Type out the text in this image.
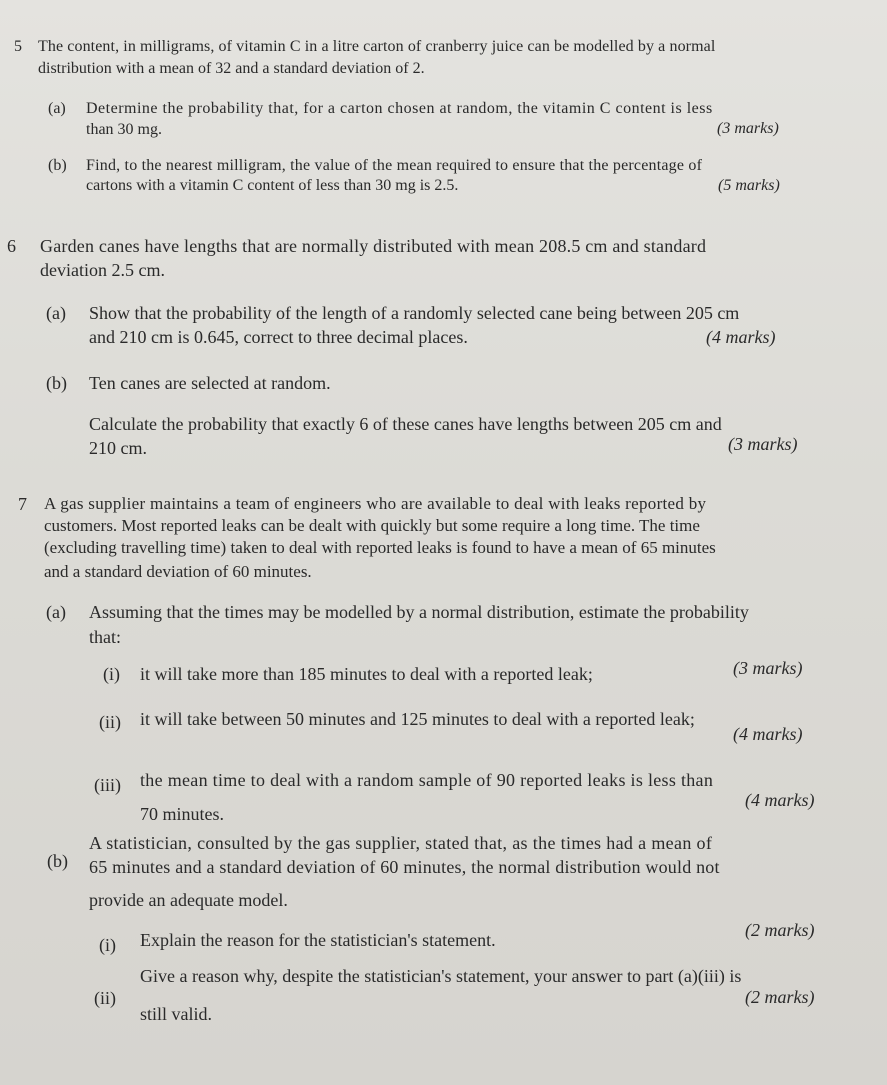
5 The content, in milligrams, of vitamin C in a litre carton of cranberry juice can be modelled by a normal
distribution with a mean of 32 and a standard deviation of 2.
(a) Determine the probability that, for a carton chosen at random, the vitamin C content is less
than 30 mg.	(3 marks)
(b) Find, to the nearest milligram, the value of the mean required to ensure that the percentage of
cartons with a vitamin C content of less than 30 mg is 2.5.	(5 marks)
6 Garden canes have lengths that are normally distributed with mean 208.5 cm and standard
deviation 2.5 cm.
(a) Show that the probability of the length of a randomly selected cane being between 205 cm
and 210 cm is 0.645, correct to three decimal places.	(4 marks)
(b) Ten canes are selected at random.
Calculate the probability that exactly 6 of these canes have lengths between 205 cm and
210 cm.	(3 marks)
7 A gas supplier maintains a team of engineers who are available to deal with leaks reported by
customers. Most reported leaks can be dealt with quickly but some require a long time. The time
(excluding travelling time) taken to deal with reported leaks is found to have a mean of 65 minutes
and a standard deviation of 60 minutes.
(a) Assuming that the times may be modelled by a normal distribution, estimate the probability
that:
(i) it will take more than 185 minutes to deal with a reported leak;	(3 marks)
(ii) it will take between 50 minutes and 125 minutes to deal with a reported leak;
(4 marks)
(iii) the mean time to deal with a random sample of 90 reported leaks is less than
70 minutes.
(4 marks)
(b)
A statistician, consulted by the gas supplier, stated that, as the times had a mean of
65 minutes and a standard deviation of 60 minutes, the normal distribution would not
provide an adequate model.
(i) Explain the reason for the statistician's statement.	(2 marks)
(ii)
Give a reason why, despite the statistician's statement, your answer to part (a)(iii) is
still valid.
(2 marks)
